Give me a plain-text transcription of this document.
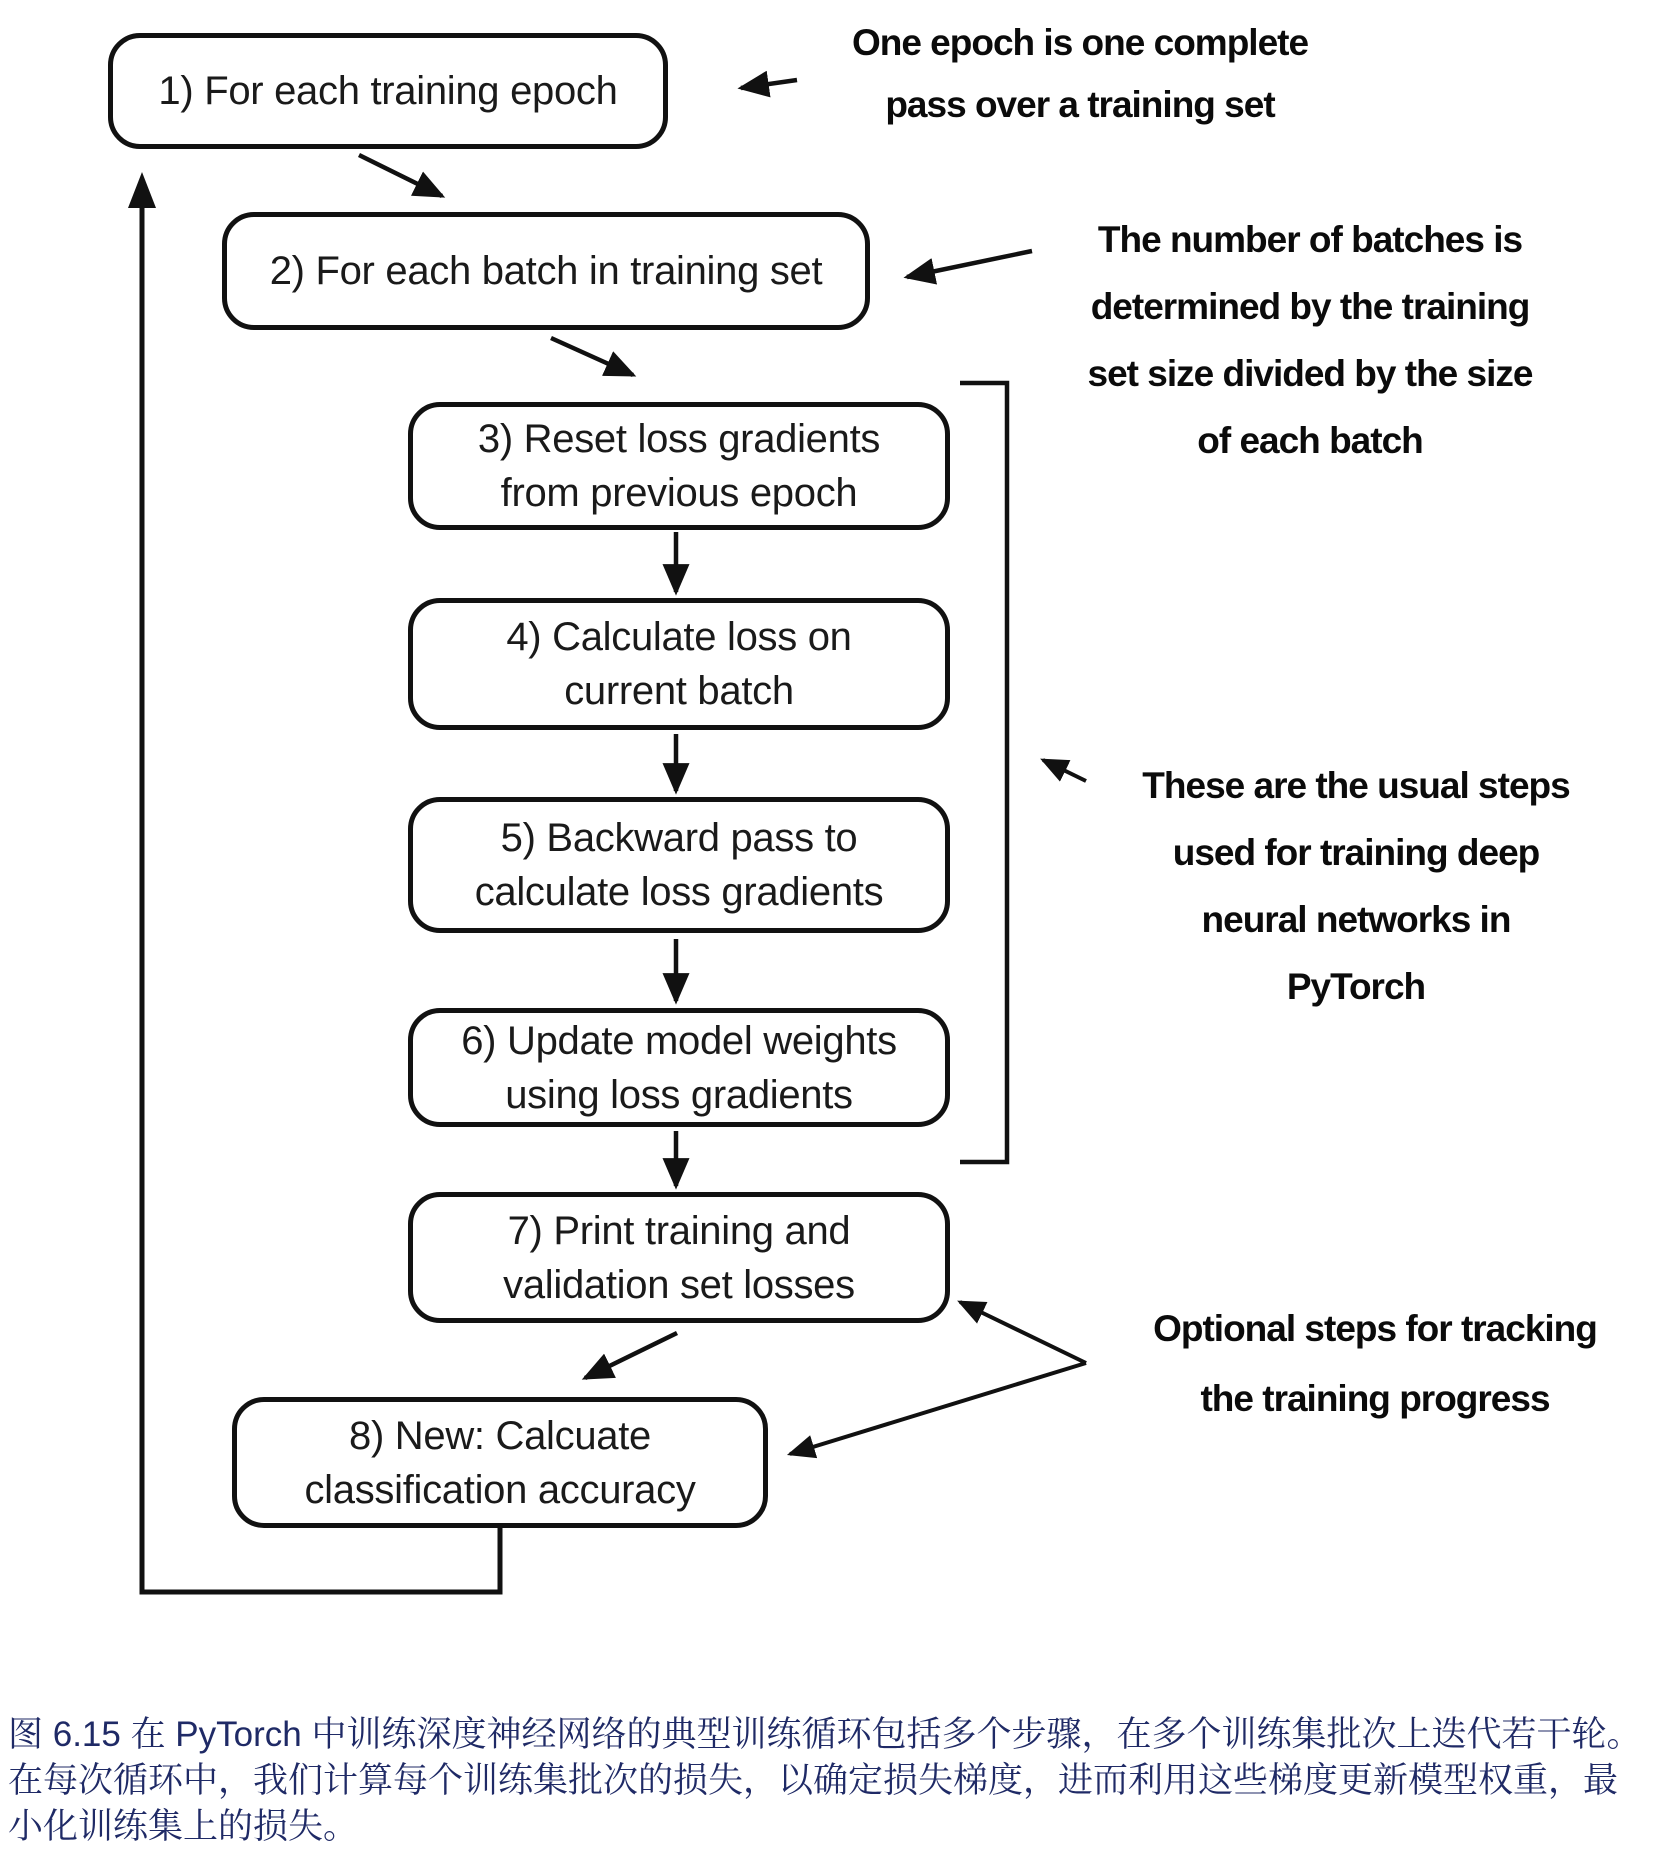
1) For each training epoch
2) For each batch in training set
3) Reset loss gradients
from previous epoch
4) Calculate loss on
current batch
5) Backward pass to
calculate loss gradients
6) Update model weights
using loss gradients
7) Print training and
validation set losses
8) New: Calcuate
classification accuracy
One epoch is one complete
pass over a training set
The number of batches is
determined by the training
set size divided by the size
of each batch
These are the usual steps
used for training deep
neural networks in
PyTorch
Optional steps for tracking
the training progress
图 6.15 在 PyTorch 中训练深度神经网络的典型训练循环包括多个步骤，在多个训练集批次上迭代若干轮。
在每次循环中，我们计算每个训练集批次的损失，以确定损失梯度，进而利用这些梯度更新模型权重，最
小化训练集上的损失。
